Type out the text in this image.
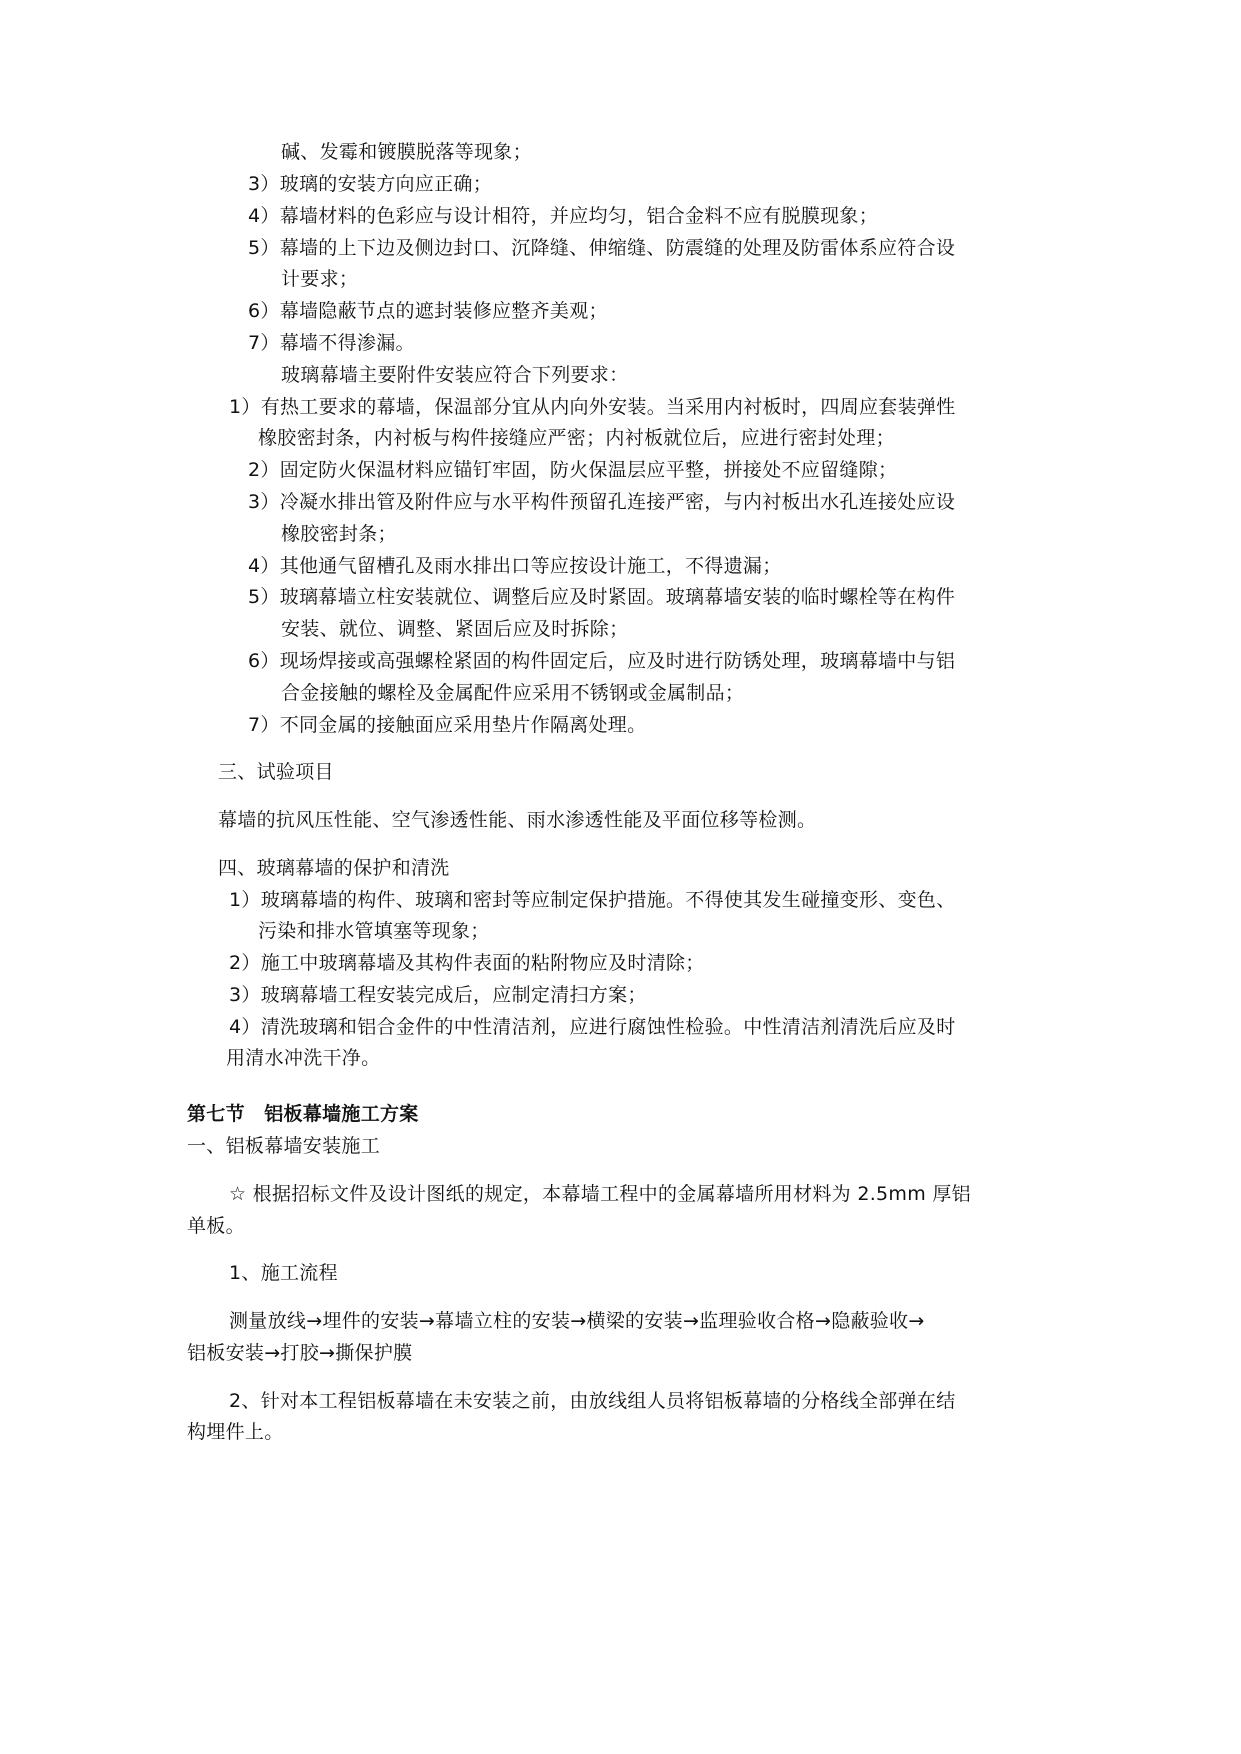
碱、发霉和镀膜脱落等现象；
3）玻璃的安装方向应正确；
4）幕墙材料的色彩应与设计相符，并应均匀，铝合金料不应有脱膜现象；
5）幕墙的上下边及侧边封口、沉降缝、伸缩缝、防震缝的处理及防雷体系应符合设
计要求；
6）幕墙隐蔽节点的遮封装修应整齐美观；
7）幕墙不得渗漏。
玻璃幕墙主要附件安装应符合下列要求：
1）有热工要求的幕墙，保温部分宜从内向外安装。当采用内衬板时，四周应套装弹性
橡胶密封条，内衬板与构件接缝应严密；内衬板就位后，应进行密封处理；
2）固定防火保温材料应锚钉牢固，防火保温层应平整，拼接处不应留缝隙；
3）冷凝水排出管及附件应与水平构件预留孔连接严密，与内衬板出水孔连接处应设
橡胶密封条；
4）其他通气留槽孔及雨水排出口等应按设计施工，不得遗漏；
5）玻璃幕墙立柱安装就位、调整后应及时紧固。玻璃幕墙安装的临时螺栓等在构件
安装、就位、调整、紧固后应及时拆除；
6）现场焊接或高强螺栓紧固的构件固定后，应及时进行防锈处理，玻璃幕墙中与铝
合金接触的螺栓及金属配件应采用不锈钢或金属制品；
7）不同金属的接触面应采用垫片作隔离处理。
三、试验项目
幕墙的抗风压性能、空气渗透性能、雨水渗透性能及平面位移等检测。
四、玻璃幕墙的保护和清洗
1）玻璃幕墙的构件、玻璃和密封等应制定保护措施。不得使其发生碰撞变形、变色、
污染和排水管填塞等现象；
2）施工中玻璃幕墙及其构件表面的粘附物应及时清除；
3）玻璃幕墙工程安装完成后，应制定清扫方案；
4）清洗玻璃和铝合金件的中性清洁剂，应进行腐蚀性检验。中性清洁剂清洗后应及时
用清水冲洗干净。
第七节　铝板幕墙施工方案
一、铝板幕墙安装施工
☆ 根据招标文件及设计图纸的规定，本幕墙工程中的金属幕墙所用材料为 2.5mm 厚铝
单板。
1、施工流程
测量放线→埋件的安装→幕墙立柱的安装→横梁的安装→监理验收合格→隐蔽验收→
铝板安装→打胶→撕保护膜
2、针对本工程铝板幕墙在未安装之前，由放线组人员将铝板幕墙的分格线全部弹在结
构埋件上。
